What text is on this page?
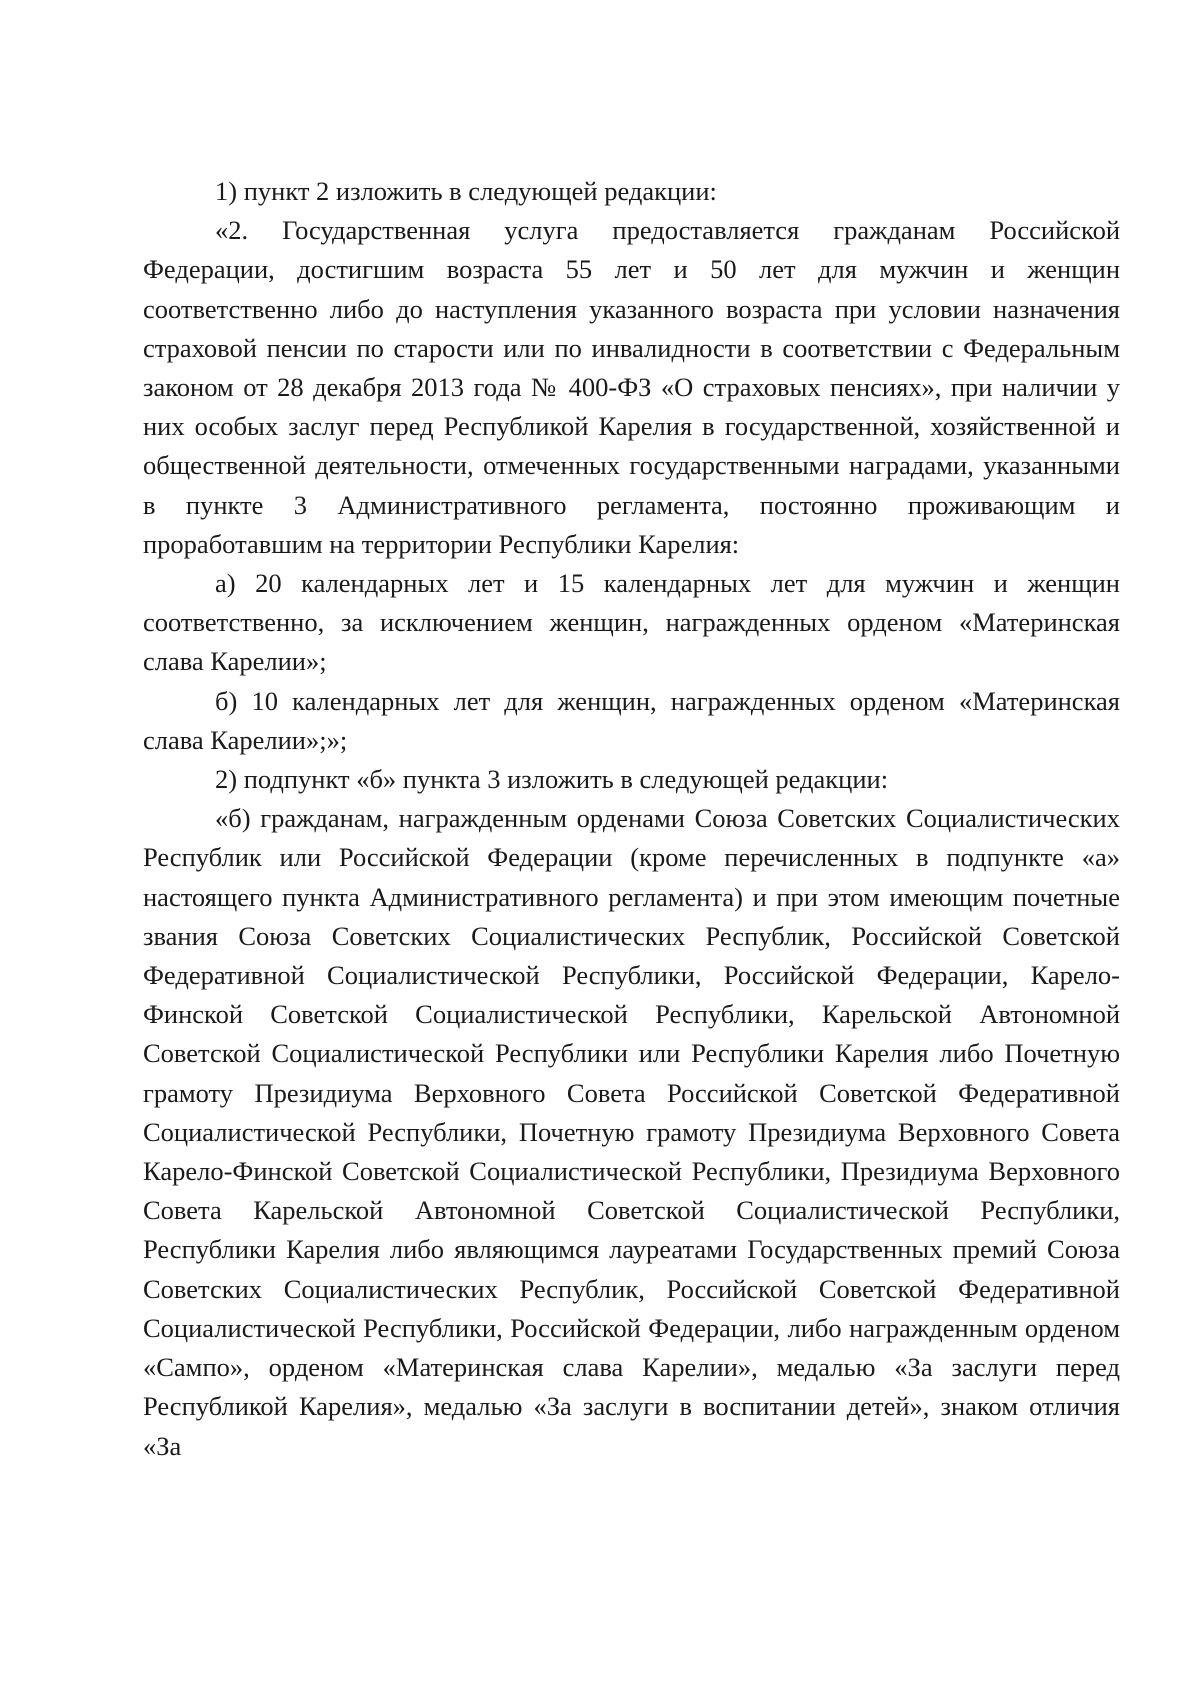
1) пункт 2 изложить в следующей редакции:

«2. Государственная услуга предоставляется гражданам Российской Федерации, достигшим возраста 55 лет и 50 лет для мужчин и женщин соответственно либо до наступления указанного возраста при условии назначения страховой пенсии по старости или по инвалидности в соответствии с Федеральным законом от 28 декабря 2013 года № 400-ФЗ «О страховых пенсиях», при наличии у них особых заслуг перед Республикой Карелия в государственной, хозяйственной и общественной деятельности, отмеченных государственными наградами, указанными в пункте 3 Административного регламента, постоянно проживающим и проработавшим на территории Республики Карелия:

а) 20 календарных лет и 15 календарных лет для мужчин и женщин соответственно, за исключением женщин, награжденных орденом «Материнская слава Карелии»;

б) 10 календарных лет для женщин, награжденных орденом «Материнская слава Карелии»;»;

2) подпункт «б» пункта 3 изложить в следующей редакции:

«б) гражданам, награжденным орденами Союза Советских Социалистических Республик или Российской Федерации (кроме перечисленных в подпункте «а» настоящего пункта Административного регламента) и при этом имеющим почетные звания Союза Советских Социалистических Республик, Российской Советской Федеративной Социалистической Республики, Российской Федерации, Карело-Финской Советской Социалистической Республики, Карельской Автономной Советской Социалистической Республики или Республики Карелия либо Почетную грамоту Президиума Верховного Совета Российской Советской Федеративной Социалистической Республики, Почетную грамоту Президиума Верховного Совета Карело-Финской Советской Социалистической Республики, Президиума Верховного Совета Карельской Автономной Советской Социалистической Республики, Республики Карелия либо являющимся лауреатами Государственных премий Союза Советских Социалистических Республик, Российской Советской Федеративной Социалистической Республики, Российской Федерации, либо награжденным орденом «Сампо», орденом «Материнская слава Карелии», медалью «За заслуги перед Республикой Карелия», медалью «За заслуги в воспитании детей», знаком отличия «За
